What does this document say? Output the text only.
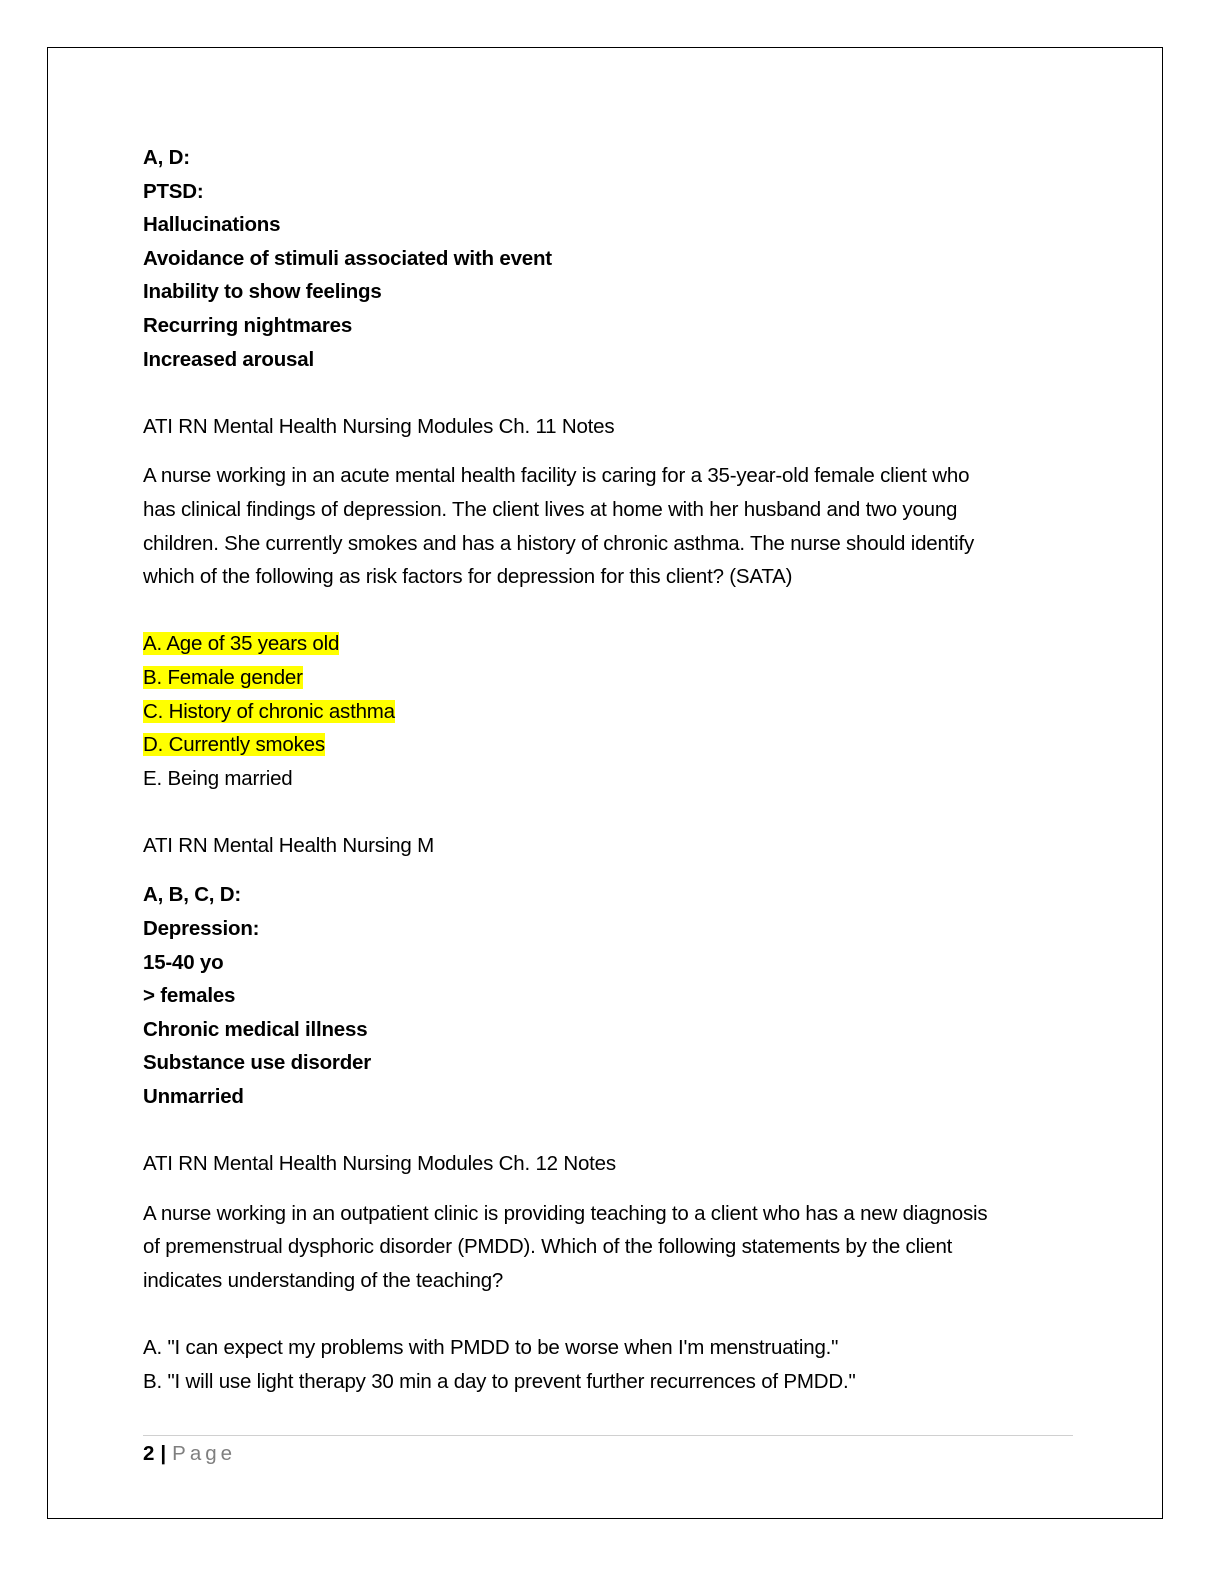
A, D:
PTSD:
Hallucinations
Avoidance of stimuli associated with event
Inability to show feelings
Recurring nightmares
Increased arousal
ATI RN Mental Health Nursing Modules Ch. 11 Notes
A nurse working in an acute mental health facility is caring for a 35-year-old female client who
has clinical findings of depression. The client lives at home with her husband and two young
children. She currently smokes and has a history of chronic asthma. The nurse should identify
which of the following as risk factors for depression for this client? (SATA)
A. Age of 35 years old
B. Female gender
C. History of chronic asthma
D. Currently smokes
E. Being married
ATI RN Mental Health Nursing M
A, B, C, D:
Depression:
15-40 yo
> females
Chronic medical illness
Substance use disorder
Unmarried
ATI RN Mental Health Nursing Modules Ch. 12 Notes
A nurse working in an outpatient clinic is providing teaching to a client who has a new diagnosis
of premenstrual dysphoric disorder (PMDD). Which of the following statements by the client
indicates understanding of the teaching?
A. "I can expect my problems with PMDD to be worse when I'm menstruating."
B. "I will use light therapy 30 min a day to prevent further recurrences of PMDD."
2 | Page
